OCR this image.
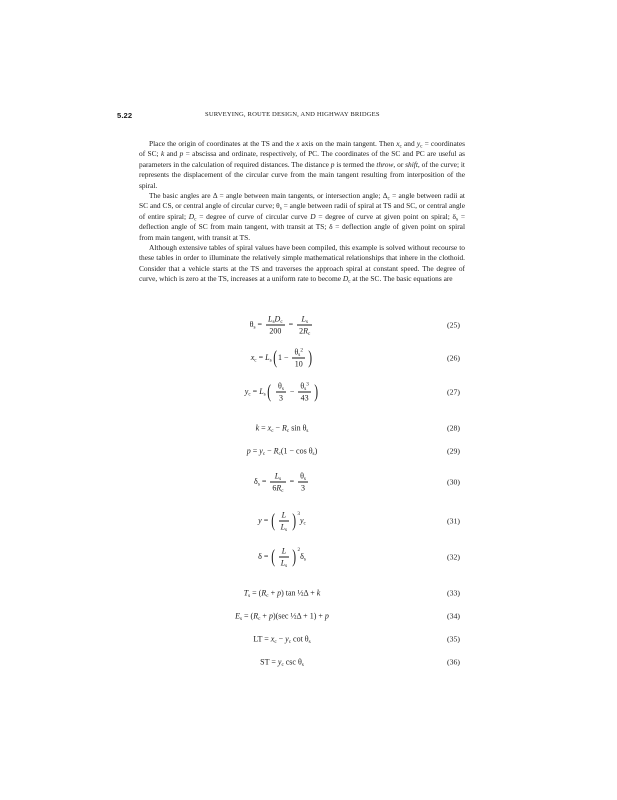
5.22	SURVEYING, ROUTE DESIGN, AND HIGHWAY BRIDGES

Place the origin of coordinates at the TS and the x axis on the main tangent. Then $x_c$ and $y_c$ = coordinates of SC; k and p = abscissa and ordinate, respectively, of PC. The coordinates of the SC and PC are useful as parameters in the calculation of required distances. The distance p is termed the throw, or shift, of the curve; it represents the displacement of the circular curve from the main tangent resulting from interposition of the spiral.

The basic angles are Δ = angle between main tangents, or intersection angle; $\Delta_c$ = angle between radii at SC and CS, or central angle of circular curve; $\theta_s$ = angle between radii of spiral at TS and SC, or central angle of entire spiral; $D_c$ = degree of curve of circular curve D = degree of curve at given point on spiral; $\delta_s$ = deflection angle of SC from main tangent, with transit at TS; δ = deflection angle of given point on spiral from main tangent, with transit at TS.

Although extensive tables of spiral values have been compiled, this example is solved without recourse to these tables in order to illuminate the relatively simple mathematical relationships that inhere in the clothoid. Consider that a vehicle starts at the TS and traverses the approach spiral at constant speed. The degree of curve, which is zero at the TS, increases at a uniform rate to become $D_c$ at the SC. The basic equations are

$\theta_s = \frac{L_sD_c}{200} = \frac{L_s}{2R_c}$	(25)
$x_c = L_s(1 - \frac{\theta_s^2}{10}$ )	(26)
$y_c = L_s( \frac{\theta_s}{3} - \frac{\theta_s^3}{43}$ )	(27)
$k = x_c - R_c$ $\sin \theta_s$	(28)
$p = y_c - R_c(1 - \cos \theta_s)$	(29)
$\delta_s = \frac{L_s}{6R_c} = \frac{\theta_s}{3}$	(30)
y = ( $\frac{L}{L_s} )^3y_c$	(31)
δ = ( $\frac{L}{L_s} )^2\delta_s$	(32)
$T_s = (R_c + p)$ tan ½Δ + k	(33)
$E_s = (R_c + p)(\sec$ ½Δ + 1) + p	(34)
LT = $x_c - y_c$ $\cot \theta_s$	(35)
ST = $y_c$ $\csc \theta_s$	(36)
